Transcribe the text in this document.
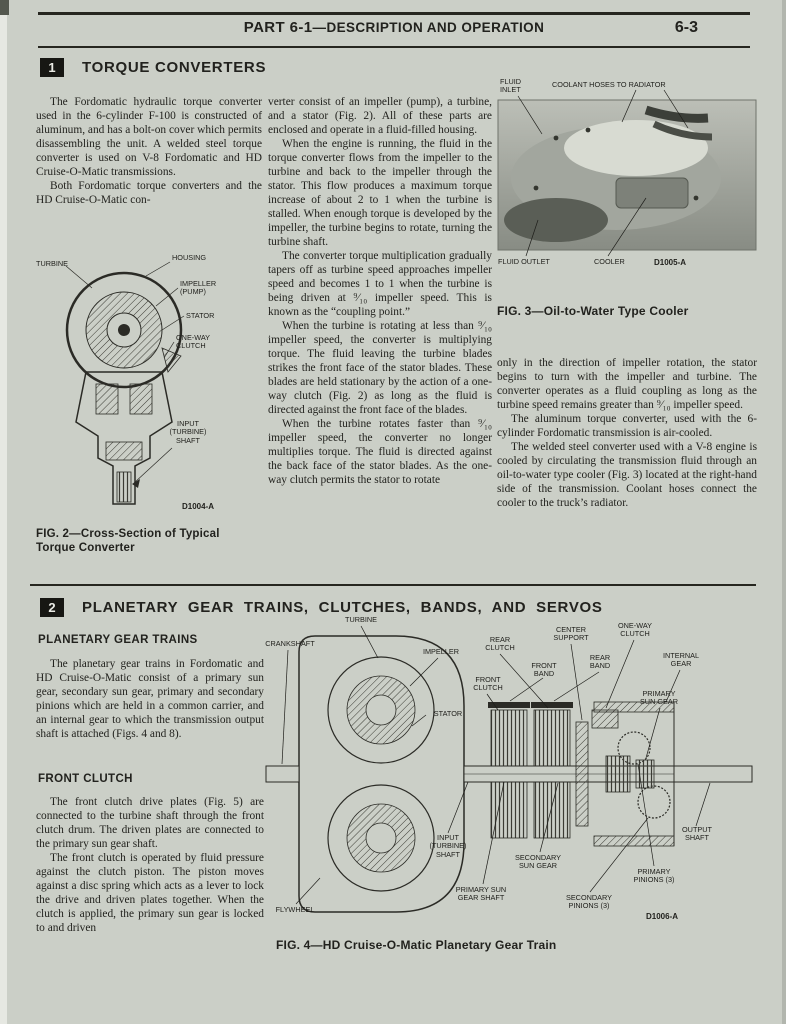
PART 6-1—DESCRIPTION AND OPERATION	6-3
1 TORQUE CONVERTERS

The Fordomatic hydraulic torque converter used in the 6-cylinder F-100 is constructed of aluminum, and has a bolt-on cover which permits disassembling the unit. A welded steel torque converter is used on V-8 Fordomatic and HD Cruise-O-Matic transmissions.

Both Fordomatic torque converters and the HD Cruise-O-Matic con-

TURBINE
HOUSING
IMPELLER (PUMP)
STATOR
ONE-WAY CLUTCH
INPUT (TURBINE) SHAFT
D1004-A
FIG. 2—Cross-Section of Typical
Torque Converter

verter consist of an impeller (pump), a turbine, and a stator (Fig. 2). All of these parts are enclosed and operate in a fluid-filled housing.

When the engine is running, the fluid in the torque converter flows from the impeller to the turbine and back to the impeller through the stator. This flow produces a maximum torque increase of about 2 to 1 when the turbine is stalled. When enough torque is developed by the impeller, the turbine begins to rotate, turning the turbine shaft.

The converter torque multiplication gradually tapers off as turbine speed approaches impeller speed and becomes 1 to 1 when the turbine is being driven at ⁹⁄₁₀ impeller speed. This is known as the “coupling point.”

When the turbine is rotating at less than ⁹⁄₁₀ impeller speed, the converter is multiplying torque. The fluid leaving the turbine blades strikes the front face of the stator blades. These blades are held stationary by the action of a one-way clutch (Fig. 2) as long as the fluid is directed against the front face of the blades.

When the turbine rotates faster than ⁹⁄₁₀ impeller speed, the converter no longer multiplies torque. The fluid is directed against the back face of the stator blades. As the one-way clutch permits the stator to rotate

FLUID INLET
COOLANT HOSES TO RADIATOR
FLUID OUTLET	COOLER	D1005-A
FIG. 3—Oil-to-Water Type Cooler

only in the direction of impeller rotation, the stator begins to turn with the impeller and turbine. The converter operates as a fluid coupling as long as the turbine speed remains greater than ⁹⁄₁₀ impeller speed.

The aluminum torque converter, used with the 6-cylinder Fordomatic transmission is air-cooled.

The welded steel converter used with a V-8 engine is cooled by circulating the transmission fluid through an oil-to-water type cooler (Fig. 3) located at the right-hand side of the transmission. Coolant hoses connect the cooler to the truck’s radiator.

2 PLANETARY GEAR TRAINS, CLUTCHES, BANDS, AND SERVOS
PLANETARY GEAR TRAINS

The planetary gear trains in Fordomatic and HD Cruise-O-Matic consist of a primary sun gear, secondary sun gear, primary and secondary pinions which are held in a common carrier, and an internal gear to which the transmission output shaft is attached (Figs. 4 and 8).

FRONT CLUTCH

The front clutch drive plates (Fig. 5) are connected to the turbine shaft through the front clutch drum. The driven plates are connected to the primary sun gear shaft.

The front clutch is operated by fluid pressure against the clutch piston. The piston moves against a disc spring which acts as a lever to lock the drive and driven plates together. When the clutch is applied, the primary sun gear is locked to and driven

TURBINE
CRANKSHAFT
IMPELLER
REAR CLUTCH
CENTER SUPPORT
ONE-WAY CLUTCH
INTERNAL GEAR
REAR BAND
FRONT BAND
FRONT CLUTCH
PRIMARY SUN GEAR
STATOR
OUTPUT SHAFT
INPUT (TURBINE) SHAFT	SECONDARY SUN GEAR
PRIMARY SUN GEAR SHAFT	SECONDARY PINIONS (3)
PRIMARY PINIONS (3)
FLYWHEEL
D1006-A
FIG. 4—HD Cruise-O-Matic Planetary Gear Train
